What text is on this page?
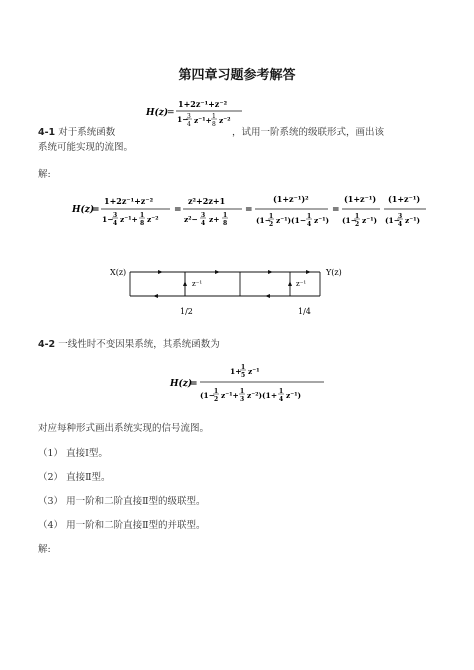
第四章习题参考解答
H(z)
=
1+2z⁻¹+z⁻²
1−
3
4 z⁻¹+ 1
8 z⁻²
4-1 对于系统函数	，试用一阶系统的级联形式，画出该
系统可能实现的流图。
解:
H(z)
=
1+2z⁻¹+z⁻²
1− 3
4 z⁻¹+ 1
8 z⁻²
=
z²+2z+1
z²− 3
4 z+ 1
8
=
(1+z⁻¹)²
(1−
1
2 z⁻¹)(1− 1
4 z⁻¹)
=
(1+z⁻¹)
(1−
1
2 z⁻¹)
(1+z⁻¹)
(1−
3
4 z⁻¹)
X(z)	Y(z)
z⁻¹	z⁻¹
1/2	1/4
4-2 一线性时不变因果系统，其系统函数为
H(z)
=
1+ 1
5 z⁻¹
(1−
1
2 z⁻¹+ 1
3 z⁻²)(1+ 1
4 z⁻¹)
对应每种形式画出系统实现的信号流图。
（1） 直接Ⅰ型。
（2） 直接Ⅱ型。
（3） 用一阶和二阶直接Ⅱ型的级联型。
（4） 用一阶和二阶直接Ⅱ型的并联型。
解:
